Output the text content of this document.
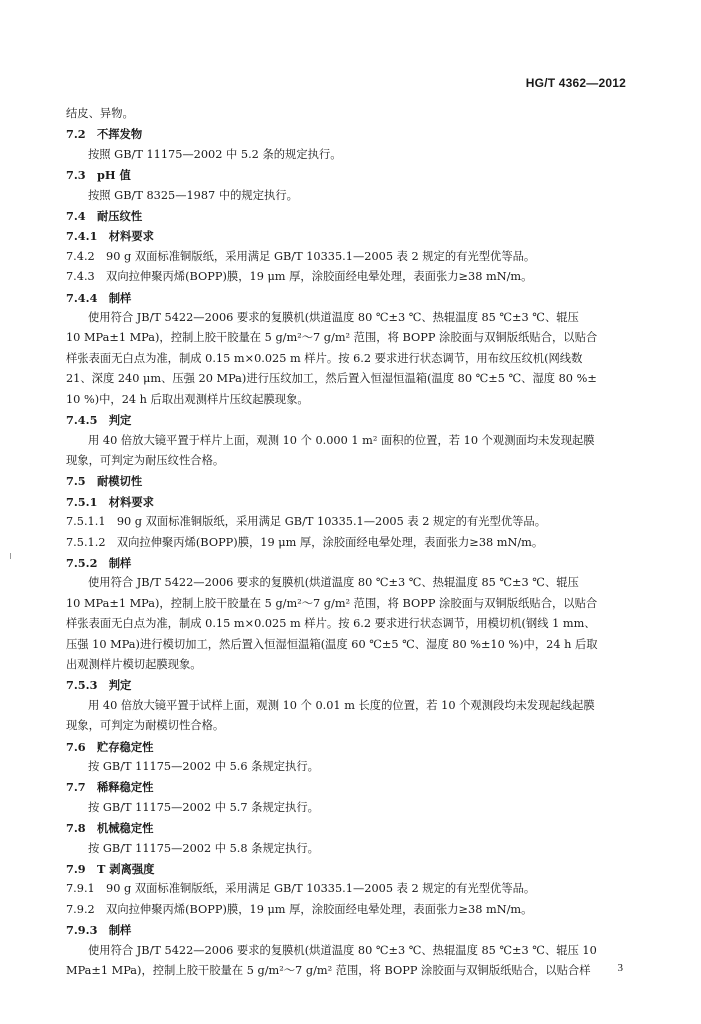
HG/T 4362—2012
结皮、异物。
7.2　不挥发物
按照 GB/T 11175—2002 中 5.2 条的规定执行。
7.3　pH 值
按照 GB/T 8325—1987 中的规定执行。
7.4　耐压纹性
7.4.1　材料要求
7.4.2　90 g 双面标准铜版纸，采用满足 GB/T 10335.1—2005 表 2 规定的有光型优等品。
7.4.3　双向拉伸聚丙烯(BOPP)膜，19 μm 厚，涂胶面经电晕处理，表面张力≥38 mN/m。
7.4.4　制样
使用符合 JB/T 5422—2006 要求的复膜机(烘道温度 80 ℃±3 ℃、热辊温度 85 ℃±3 ℃、辊压
10 MPa±1 MPa)，控制上胶干胶量在 5 g/m²～7 g/m² 范围，将 BOPP 涂胶面与双铜版纸贴合，以贴合
样张表面无白点为准，制成 0.15 m×0.025 m 样片。按 6.2 要求进行状态调节，用布纹压纹机(网线数
21、深度 240 μm、压强 20 MPa)进行压纹加工，然后置入恒湿恒温箱(温度 80 ℃±5 ℃、湿度 80 %±
10 %)中，24 h 后取出观测样片压纹起膜现象。
7.4.5　判定
用 40 倍放大镜平置于样片上面，观测 10 个 0.000 1 m² 面积的位置，若 10 个观测面均未发现起膜
现象，可判定为耐压纹性合格。
7.5　耐模切性
7.5.1　材料要求
7.5.1.1　90 g 双面标准铜版纸，采用满足 GB/T 10335.1—2005 表 2 规定的有光型优等品。
7.5.1.2　双向拉伸聚丙烯(BOPP)膜，19 μm 厚，涂胶面经电晕处理，表面张力≥38 mN/m。
7.5.2　制样
使用符合 JB/T 5422—2006 要求的复膜机(烘道温度 80 ℃±3 ℃、热辊温度 85 ℃±3 ℃、辊压
10 MPa±1 MPa)，控制上胶干胶量在 5 g/m²～7 g/m² 范围，将 BOPP 涂胶面与双铜版纸贴合，以贴合
样张表面无白点为准，制成 0.15 m×0.025 m 样片。按 6.2 要求进行状态调节，用模切机(钢线 1 mm、
压强 10 MPa)进行模切加工，然后置入恒湿恒温箱(温度 60 ℃±5 ℃、湿度 80 %±10 %)中，24 h 后取
出观测样片模切起膜现象。
7.5.3　判定
用 40 倍放大镜平置于试样上面，观测 10 个 0.01 m 长度的位置，若 10 个观测段均未发现起线起膜
现象，可判定为耐模切性合格。
7.6　贮存稳定性
按 GB/T 11175—2002 中 5.6 条规定执行。
7.7　稀释稳定性
按 GB/T 11175—2002 中 5.7 条规定执行。
7.8　机械稳定性
按 GB/T 11175—2002 中 5.8 条规定执行。
7.9　T 剥离强度
7.9.1　90 g 双面标准铜版纸，采用满足 GB/T 10335.1—2005 表 2 规定的有光型优等品。
7.9.2　双向拉伸聚丙烯(BOPP)膜，19 μm 厚，涂胶面经电晕处理，表面张力≥38 mN/m。
7.9.3　制样
使用符合 JB/T 5422—2006 要求的复膜机(烘道温度 80 ℃±3 ℃、热辊温度 85 ℃±3 ℃、辊压 10
MPa±1 MPa)，控制上胶干胶量在 5 g/m²～7 g/m² 范围，将 BOPP 涂胶面与双铜版纸贴合，以贴合样	3
